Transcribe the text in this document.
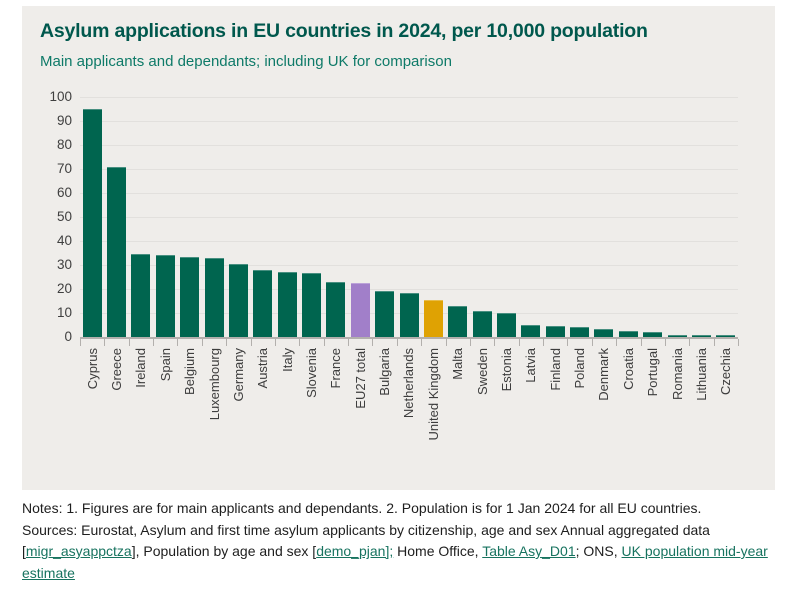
Asylum applications in EU countries in 2024, per 10,000 population
Main applicants and dependants; including UK for comparison
0
10
20
30
40
50
60
70
80
90
100
Cyprus Greece Ireland Spain Belgium Luxembourg Germany Austria Italy Slovenia France EU27 total Bulgaria Netherlands United Kingdom Malta Sweden Estonia Latvia Finland Poland Denmark Croatia Portugal Romania Lithuania Czechia
Notes: 1. Figures are for main applicants and dependants. 2. Population is for 1 Jan 2024 for all EU countries.
Sources: Eurostat, Asylum and first time asylum applicants by citizenship, age and sex Annual aggregated data [migr_asyappctza], Population by age and sex [demo_pjan]; Home Office, Table Asy_D01; ONS, UK population mid-year estimate
